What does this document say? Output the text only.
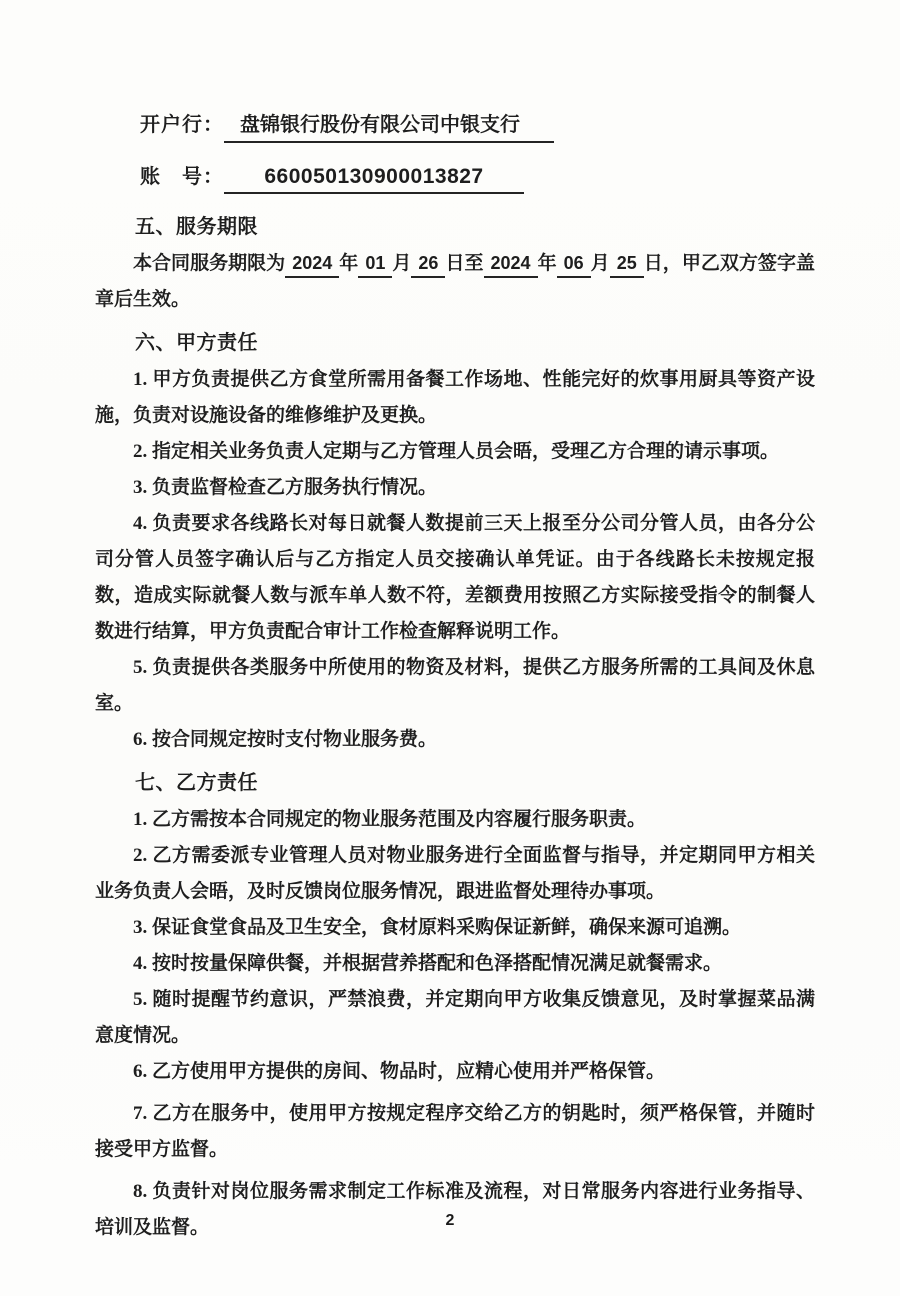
开户行： 盘锦银行股份有限公司中银支行
账　号： 660050130900013827
五、服务期限

本合同服务期限为 2024 年 01 月 26 日至 2024 年 06 月 25 日，甲乙双方签字盖章后生效。

六、甲方责任

1. 甲方负责提供乙方食堂所需用备餐工作场地、性能完好的炊事用厨具等资产设施，负责对设施设备的维修维护及更换。

2. 指定相关业务负责人定期与乙方管理人员会晤，受理乙方合理的请示事项。

3. 负责监督检查乙方服务执行情况。

4. 负责要求各线路长对每日就餐人数提前三天上报至分公司分管人员，由各分公司分管人员签字确认后与乙方指定人员交接确认单凭证。由于各线路长未按规定报数，造成实际就餐人数与派车单人数不符，差额费用按照乙方实际接受指令的制餐人数进行结算，甲方负责配合审计工作检查解释说明工作。

5. 负责提供各类服务中所使用的物资及材料，提供乙方服务所需的工具间及休息室。

6. 按合同规定按时支付物业服务费。

七、乙方责任

1. 乙方需按本合同规定的物业服务范围及内容履行服务职责。

2. 乙方需委派专业管理人员对物业服务进行全面监督与指导，并定期同甲方相关业务负责人会晤，及时反馈岗位服务情况，跟进监督处理待办事项。

3. 保证食堂食品及卫生安全，食材原料采购保证新鲜，确保来源可追溯。

4. 按时按量保障供餐，并根据营养搭配和色泽搭配情况满足就餐需求。

5. 随时提醒节约意识，严禁浪费，并定期向甲方收集反馈意见，及时掌握菜品满意度情况。

6. 乙方使用甲方提供的房间、物品时，应精心使用并严格保管。

7. 乙方在服务中，使用甲方按规定程序交给乙方的钥匙时，须严格保管，并随时接受甲方监督。

8. 负责针对岗位服务需求制定工作标准及流程，对日常服务内容进行业务指导、培训及监督。	2
